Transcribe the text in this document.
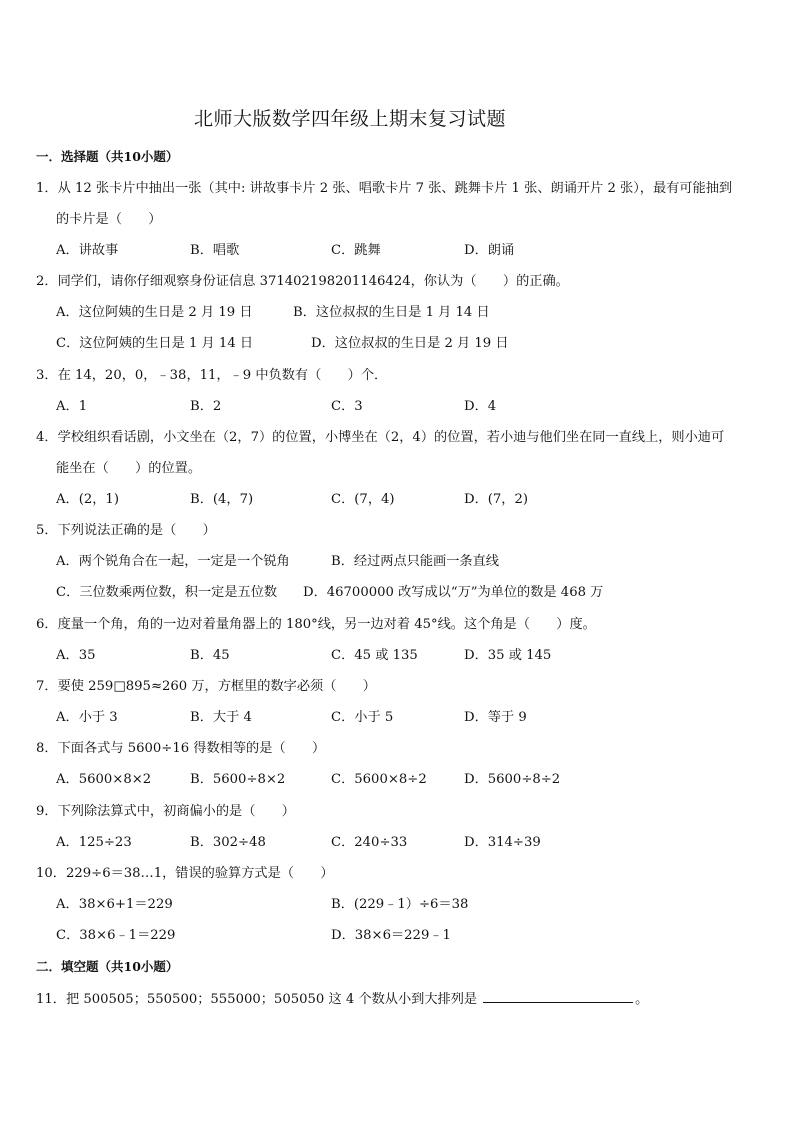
北师大版数学四年级上期末复习试题
一．选择题（共10小题）
1．从 12 张卡片中抽出一张（其中: 讲故事卡片 2 张、唱歌卡片 7 张、跳舞卡片 1 张、朗诵开片 2 张），最有可能抽到
的卡片是（　　）
A．讲故事	B．唱歌	C．跳舞	D．朗诵
2．同学们，请你仔细观察身份证信息 371402198201146424，你认为（　　）的正确。
A．这位阿姨的生日是 2 月 19 日	B．这位叔叔的生日是 1 月 14 日
C．这位阿姨的生日是 1 月 14 日	D．这位叔叔的生日是 2 月 19 日
3．在 14，20，0，﹣38，11，﹣9 中负数有（　　）个．
A．1	B．2	C．3	D．4
4．学校组织看话剧，小文坐在（2，7）的位置，小博坐在（2，4）的位置，若小迪与他们坐在同一直线上，则小迪可
能坐在（　　）的位置。
A．(2，1)	B．(4，7)	C．(7，4)	D．(7，2)
5．下列说法正确的是（　　）
A．两个锐角合在一起，一定是一个锐角	B．经过两点只能画一条直线
C．三位数乘两位数，积一定是五位数 D．46700000 改写成以“万”为单位的数是 468 万
6．度量一个角，角的一边对着量角器上的 180°线，另一边对着 45°线。这个角是（　　）度。
A．35	B．45	C．45 或 135	D．35 或 145
7．要使 259□895≈260 万，方框里的数字必须（　　）
A．小于 3	B．大于 4	C．小于 5	D．等于 9
8．下面各式与 5600÷16 得数相等的是（　　）
A．5600×8×2	B．5600÷8×2	C．5600×8÷2	D．5600÷8÷2
9．下列除法算式中，初商偏小的是（　　）
A．125÷23	B．302÷48	C．240÷33	D．314÷39
10．229÷6＝38…1，错误的验算方式是（　　）
A．38×6+1＝229	B．(229﹣1）÷6＝38
C．38×6﹣1＝229	D．38×6＝229﹣1
二．填空题（共10小题）
11．把 500505；550500；555000；505050 这 4 个数从小到大排列是	。
